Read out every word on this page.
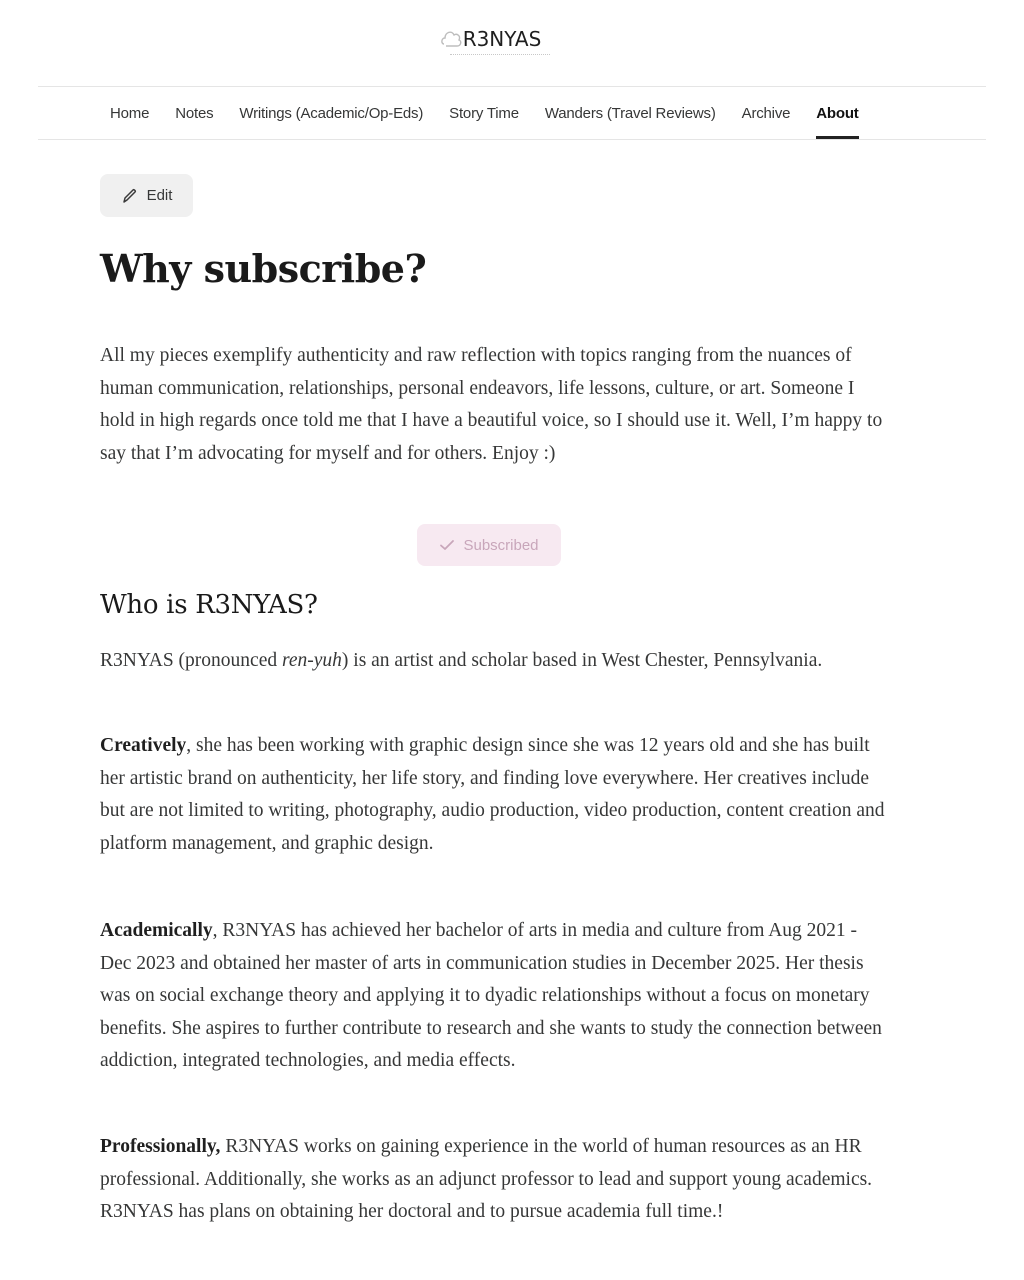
R3NYAS
Home Notes Writings (Academic/Op-Eds) Story Time Wanders (Travel Reviews) Archive About
Edit
Why subscribe?

All my pieces exemplify authenticity and raw reflection with topics ranging from the nuances of human communication, relationships, personal endeavors, life lessons, culture, or art. Someone I hold in high regards once told me that I have a beautiful voice, so I should use it. Well, I’m happy to say that I’m advocating for myself and for others. Enjoy :)

Subscribed
Who is R3NYAS?

R3NYAS (pronounced ren-yuh) is an artist and scholar based in West Chester, Pennsylvania.

Creatively, she has been working with graphic design since she was 12 years old and she has built her artistic brand on authenticity, her life story, and finding love everywhere. Her creatives include but are not limited to writing, photography, audio production, video production, content creation and platform management, and graphic design.

Academically, R3NYAS has achieved her bachelor of arts in media and culture from Aug 2021 - Dec 2023 and obtained her master of arts in communication studies in December 2025. Her thesis was on social exchange theory and applying it to dyadic relationships without a focus on monetary benefits. She aspires to further contribute to research and she wants to study the connection between addiction, integrated technologies, and media effects.

Professionally, R3NYAS works on gaining experience in the world of human resources as an HR professional. Additionally, she works as an adjunct professor to lead and support young academics. R3NYAS has plans on obtaining her doctoral and to pursue academia full time.!
